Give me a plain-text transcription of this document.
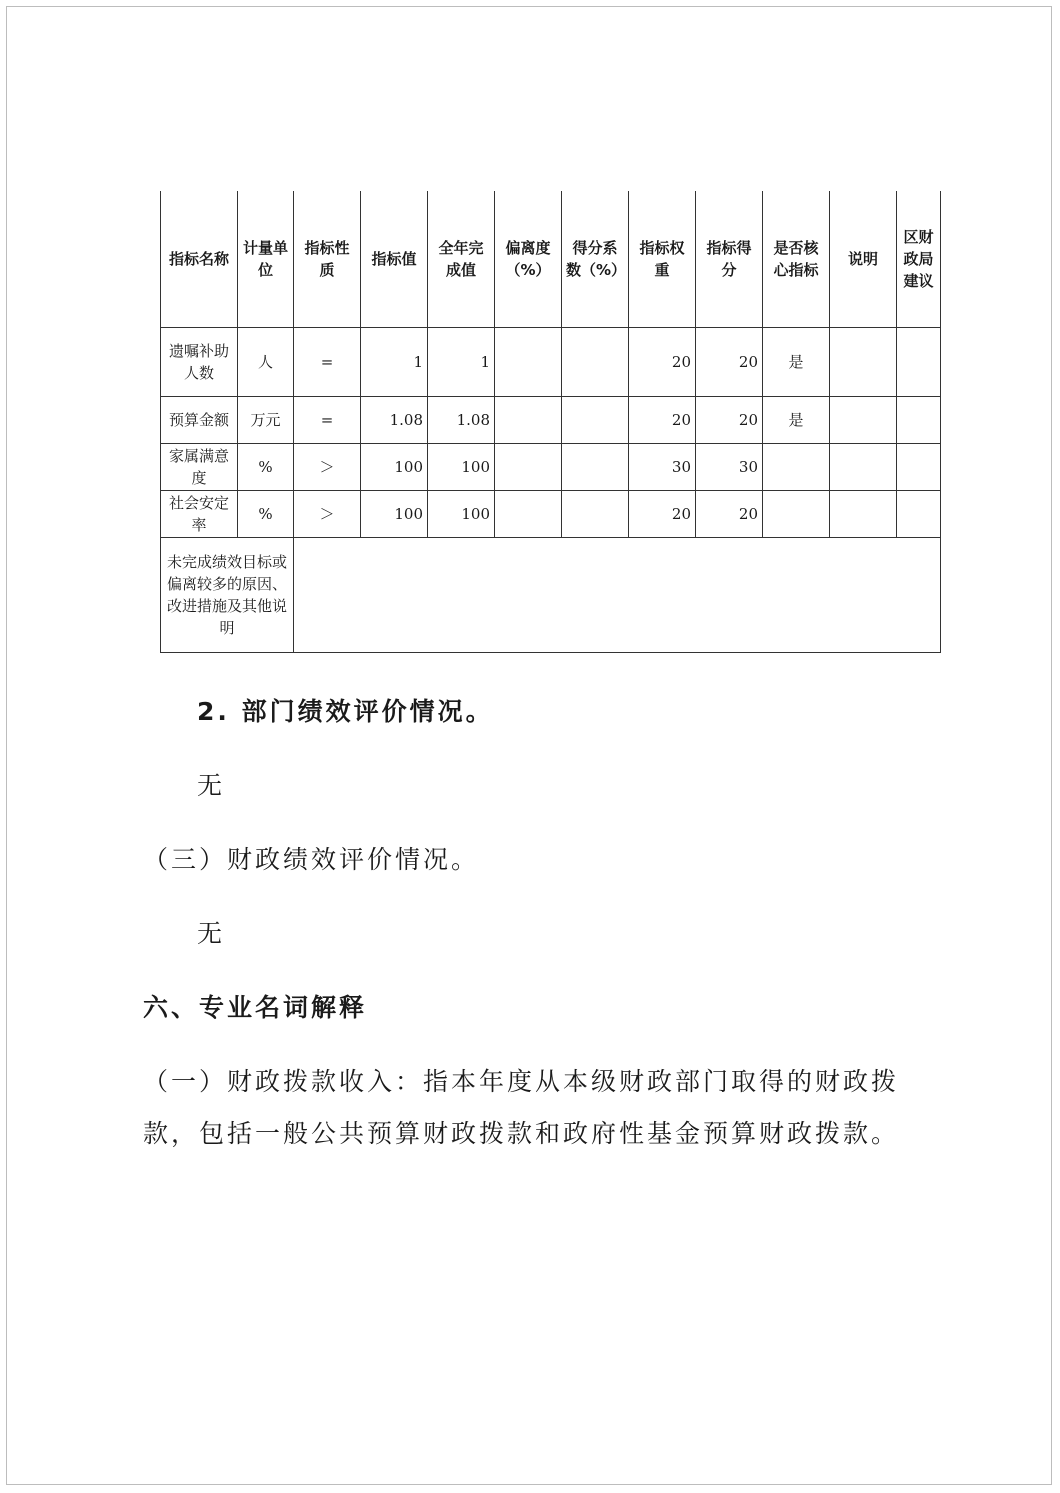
指标名称	计量单位	指标性质	指标值	全年完成值	偏离度（%）	得分系数（%）	指标权重	指标得分	是否核心指标	说明	区财政局建议
遗嘱补助人数	人	=	1	1			20	20	是		
预算金额	万元	=	1.08	1.08			20	20	是		
家属满意度	%	＞	100	100			30	30			
社会安定率	%	＞	100	100			20	20			
未完成绩效目标或偏离较多的原因、改进措施及其他说明											
2. 部门绩效评价情况。
无
（三）财政绩效评价情况。
无
六、专业名词解释
（一）财政拨款收入：指本年度从本级财政部门取得的财政拨
款，包括一般公共预算财政拨款和政府性基金预算财政拨款。
